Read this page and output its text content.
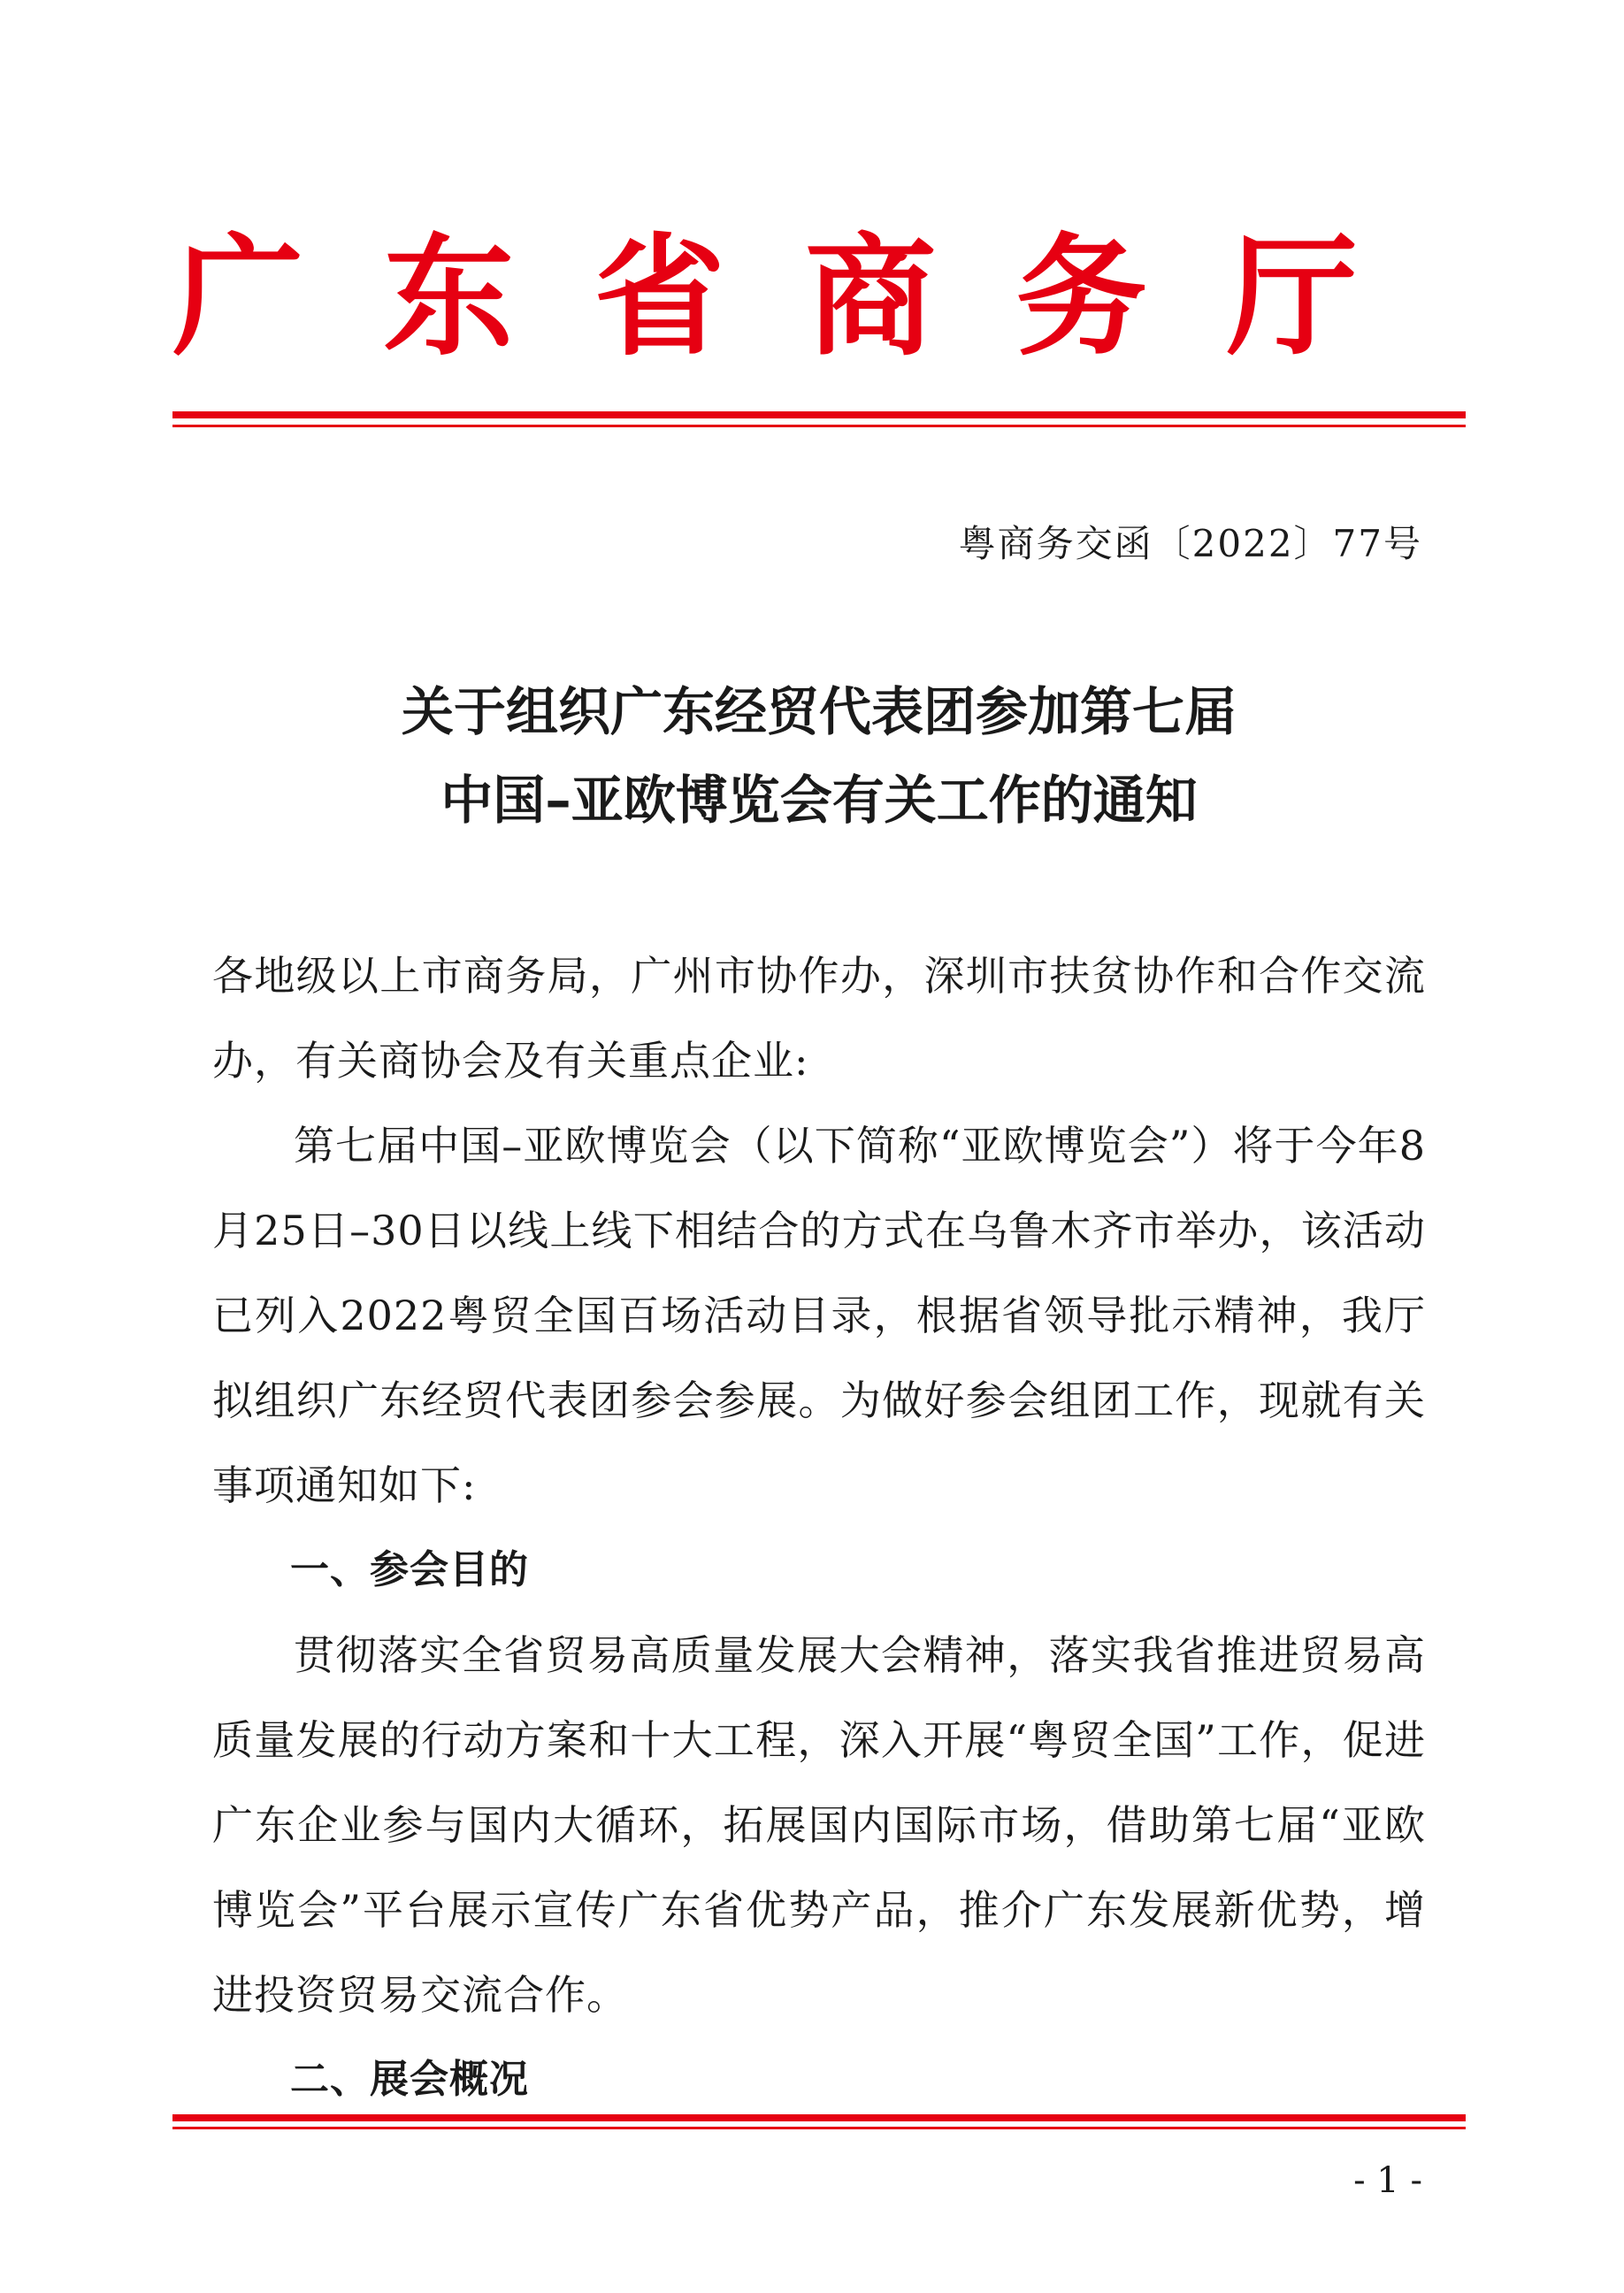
广 东 省 商 务 厅
粤商务交函〔2022〕77号
关于组织广东经贸代表团参加第七届
中国–亚欧博览会有关工作的通知

各地级以上市商务局，广州市协作办，深圳市扶贫协作和合作交流办，有关商协会及有关重点企业:

第七届中国–亚欧博览会（以下简称“亚欧博览会”）将于今年8月25日–30日以线上线下相结合的方式在乌鲁木齐市举办，该活动已列入2022粤贸全国百场活动目录，根据省领导批示精神，我厅拟组织广东经贸代表团参会参展。为做好参会组团工作，现就有关事项通知如下:

一、参会目的

贯彻落实全省贸易高质量发展大会精神，落实我省推进贸易高质量发展的行动方案和十大工程，深入开展“粤贸全国”工作，促进广东企业参与国内大循环，拓展国内国际市场，借助第七届“亚欧博览会”平台展示宣传广东省优势产品，推介广东发展新优势，增进投资贸易交流合作。

二、展会概况

- 1 -
